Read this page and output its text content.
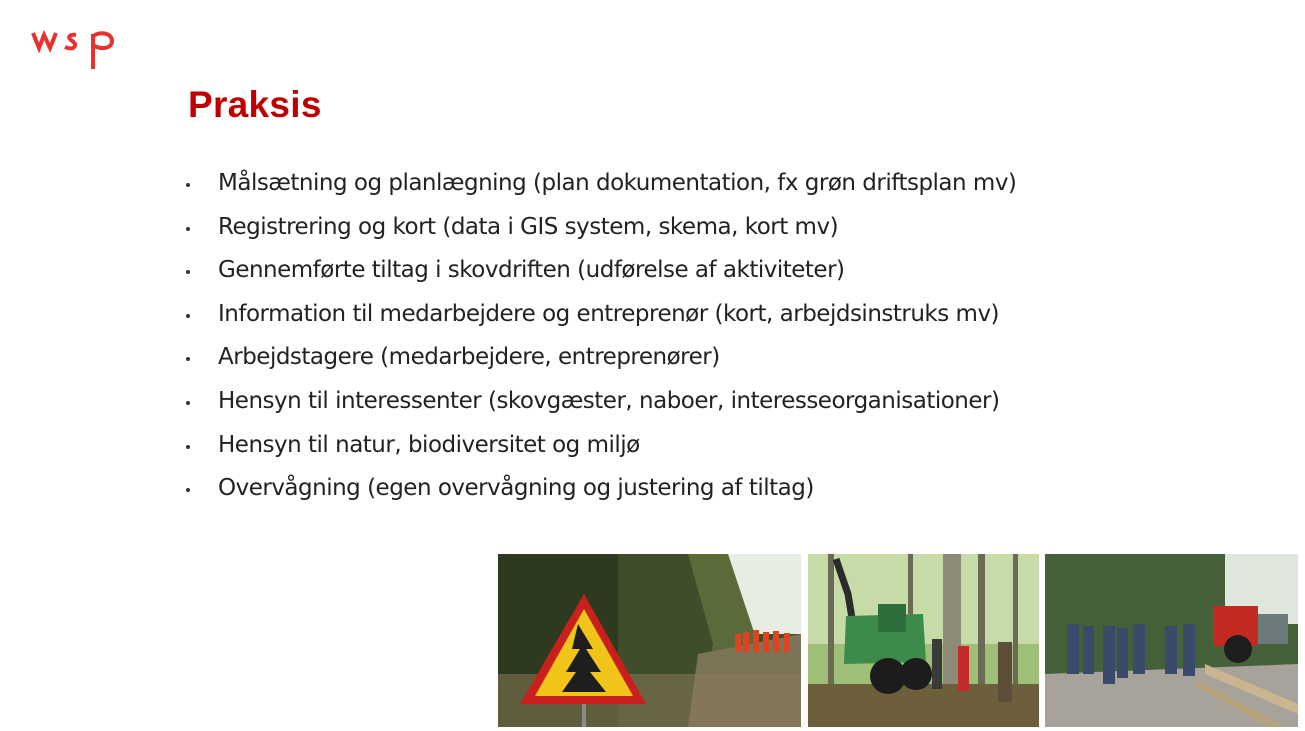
Praksis
Målsætning og planlægning (plan dokumentation, fx grøn driftsplan mv)
Registrering og kort (data i GIS system, skema, kort mv)
Gennemførte tiltag i skovdriften (udførelse af aktiviteter)
Information til medarbejdere og entreprenør (kort, arbejdsinstruks mv)
Arbejdstagere (medarbejdere, entreprenører)
Hensyn til interessenter (skovgæster, naboer, interesseorganisationer)
Hensyn til natur, biodiversitet og miljø
Overvågning (egen overvågning og justering af tiltag)
